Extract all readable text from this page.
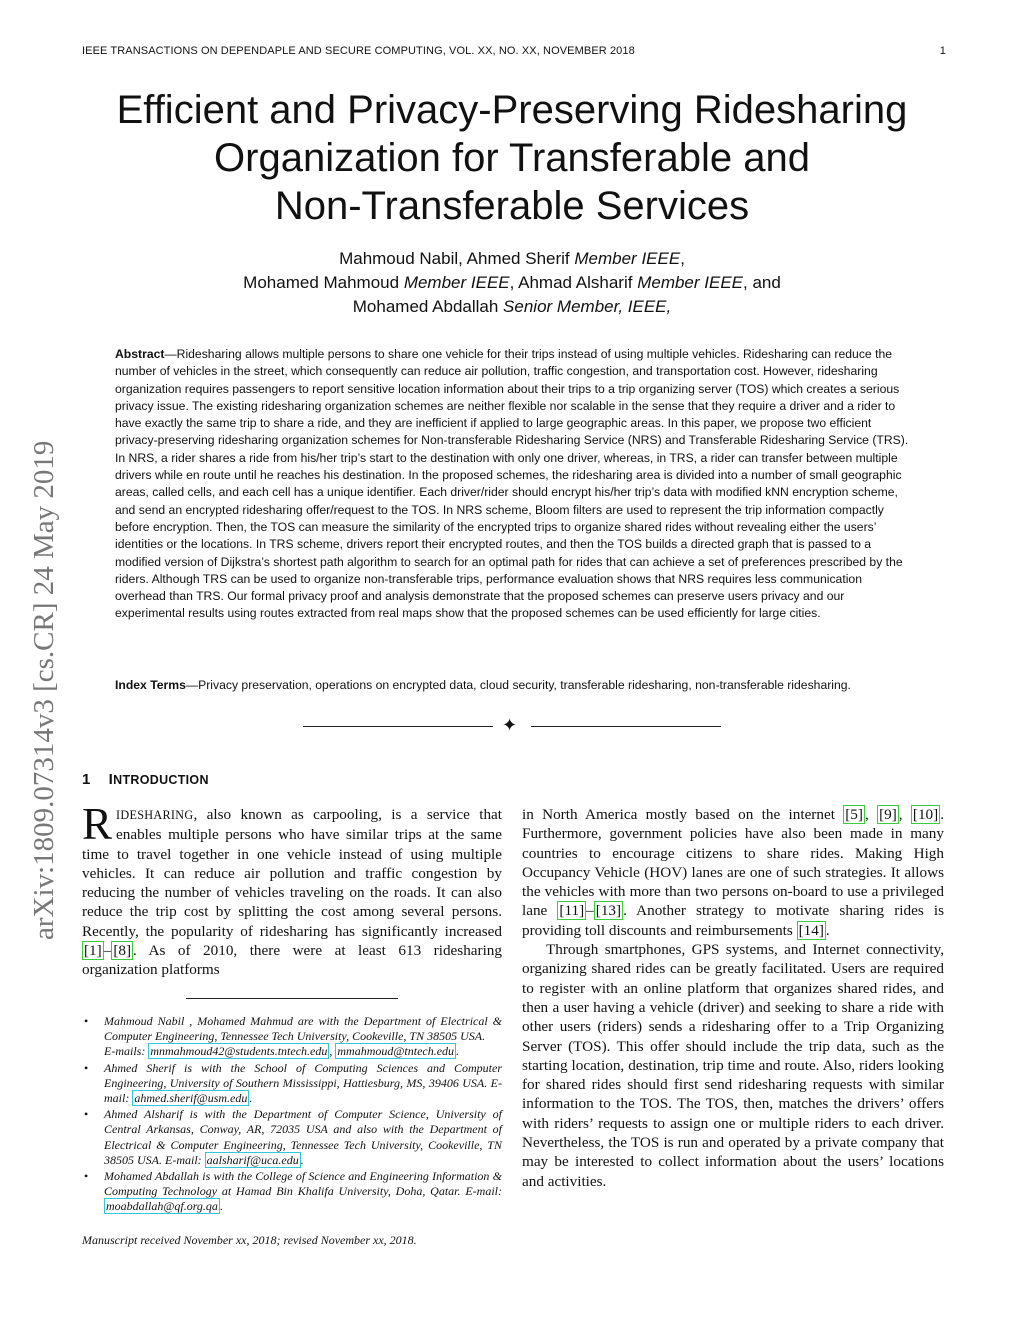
IEEE TRANSACTIONS ON DEPENDAPLE AND SECURE COMPUTING, VOL. XX, NO. XX, NOVEMBER 2018	1
arXiv:1809.07314v3 [cs.CR] 24 May 2019
Efficient and Privacy-Preserving Ridesharing
Organization for Transferable and
Non-Transferable Services
Mahmoud Nabil, Ahmed Sherif Member IEEE,
Mohamed Mahmoud Member IEEE, Ahmad Alsharif Member IEEE, and
Mohamed Abdallah Senior Member, IEEE,
Abstract—Ridesharing allows multiple persons to share one vehicle for their trips instead of using multiple vehicles. Ridesharing can reduce the number of vehicles in the street, which consequently can reduce air pollution, traffic congestion, and transportation cost. However, ridesharing organization requires passengers to report sensitive location information about their trips to a trip organizing server (TOS) which creates a serious privacy issue. The existing ridesharing organization schemes are neither flexible nor scalable in the sense that they require a driver and a rider to have exactly the same trip to share a ride, and they are inefficient if applied to large geographic areas. In this paper, we propose two efficient privacy-preserving ridesharing organization schemes for Non-transferable Ridesharing Service (NRS) and Transferable Ridesharing Service (TRS). In NRS, a rider shares a ride from his/her trip’s start to the destination with only one driver, whereas, in TRS, a rider can transfer between multiple drivers while en route until he reaches his destination. In the proposed schemes, the ridesharing area is divided into a number of small geographic areas, called cells, and each cell has a unique identifier. Each driver/rider should encrypt his/her trip’s data with modified kNN encryption scheme, and send an encrypted ridesharing offer/request to the TOS. In NRS scheme, Bloom filters are used to represent the trip information compactly before encryption. Then, the TOS can measure the similarity of the encrypted trips to organize shared rides without revealing either the users’ identities or the locations. In TRS scheme, drivers report their encrypted routes, and then the TOS builds a directed graph that is passed to a modified version of Dijkstra’s shortest path algorithm to search for an optimal path for rides that can achieve a set of preferences prescribed by the riders. Although TRS can be used to organize non-transferable trips, performance evaluation shows that NRS requires less communication overhead than TRS. Our formal privacy proof and analysis demonstrate that the proposed schemes can preserve users privacy and our experimental results using routes extracted from real maps show that the proposed schemes can be used efficiently for large cities.
Index Terms—Privacy preservation, operations on encrypted data, cloud security, transferable ridesharing, non-transferable ridesharing.
✦
1 INTRODUCTION

RIDESHARING, also known as carpooling, is a service that enables multiple persons who have similar trips at the same time to travel together in one vehicle instead of using multiple vehicles. It can reduce air pollution and traffic congestion by reducing the number of vehicles traveling on the roads. It can also reduce the trip cost by splitting the cost among several persons. Recently, the popularity of ridesharing has significantly increased [1] – [8] . As of 2010, there were at least 613 ridesharing organization platforms

in North America mostly based on the internet [5] , [9] , [10] . Furthermore, government policies have also been made in many countries to encourage citizens to share rides. Making High Occupancy Vehicle (HOV) lanes are one of such strategies. It allows the vehicles with more than two persons on-board to use a privileged lane [11] – [13] . Another strategy to motivate sharing rides is providing toll discounts and reimbursements [14] .

Through smartphones, GPS systems, and Internet connectivity, organizing shared rides can be greatly facilitated. Users are required to register with an online platform that organizes shared rides, and then a user having a vehicle (driver) and seeking to share a ride with other users (riders) sends a ridesharing offer to a Trip Organizing Server (TOS). This offer should include the trip data, such as the starting location, destination, trip time and route. Also, riders looking for shared rides should first send ridesharing requests with similar information to the TOS. The TOS, then, matches the drivers’ offers with riders’ requests to assign one or multiple riders to each driver. Nevertheless, the TOS is run and operated by a private company that may be interested to collect information about the users’ locations and activities.

• Mahmoud Nabil , Mohamed Mahmud are with the Department of Electrical & Computer Engineering, Tennessee Tech University, Cookeville, TN 38505 USA.
E-mails: mnmahmoud42@students.tntech.edu , mmahmoud@tntech.edu .
• Ahmed Sherif is with the School of Computing Sciences and Computer Engineering, University of Southern Mississippi, Hattiesburg, MS, 39406 USA. E-mail: ahmed.sherif@usm.edu .
• Ahmed Alsharif is with the Department of Computer Science, University of Central Arkansas, Conway, AR, 72035 USA and also with the Department of Electrical & Computer Engineering, Tennessee Tech University, Cookeville, TN 38505 USA. E-mail: aalsharif@uca.edu .
• Mohamed Abdallah is with the College of Science and Engineering Information & Computing Technology at Hamad Bin Khalifa University, Doha, Qatar. E-mail: moabdallah@qf.org.qa .
Manuscript received November xx, 2018; revised November xx, 2018.
